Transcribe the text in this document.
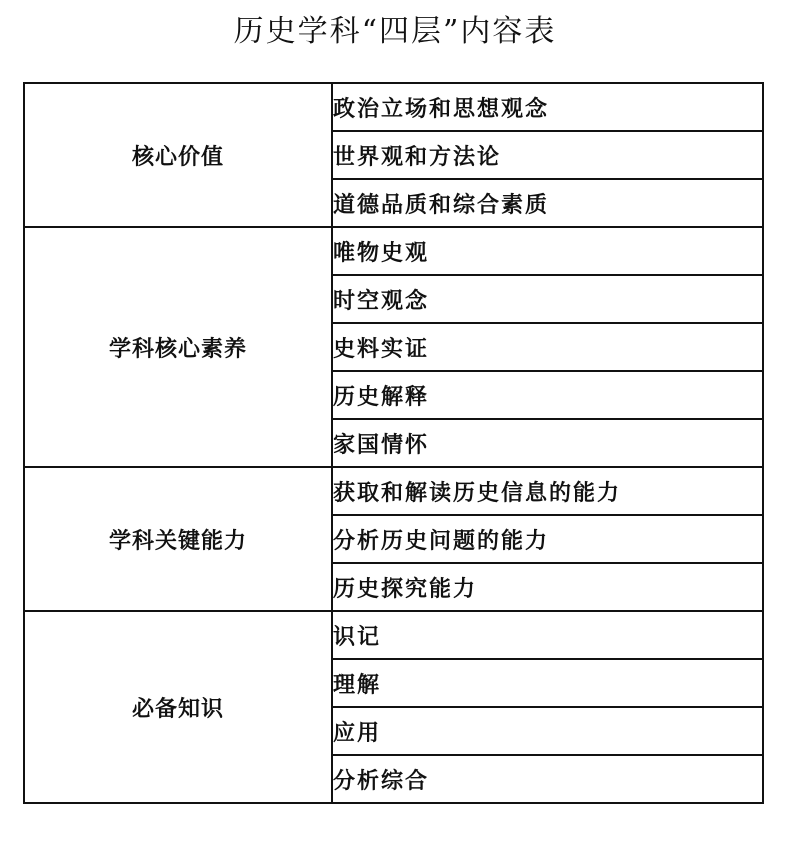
历史学科“四层”内容表
核心价值	政治立场和思想观念
	世界观和方法论
	道德品质和综合素质
学科核心素养	唯物史观
	时空观念
	史料实证
	历史解释
	家国情怀
学科关键能力	获取和解读历史信息的能力
	分析历史问题的能力
	历史探究能力
必备知识	识记
	理解
	应用
	分析综合
